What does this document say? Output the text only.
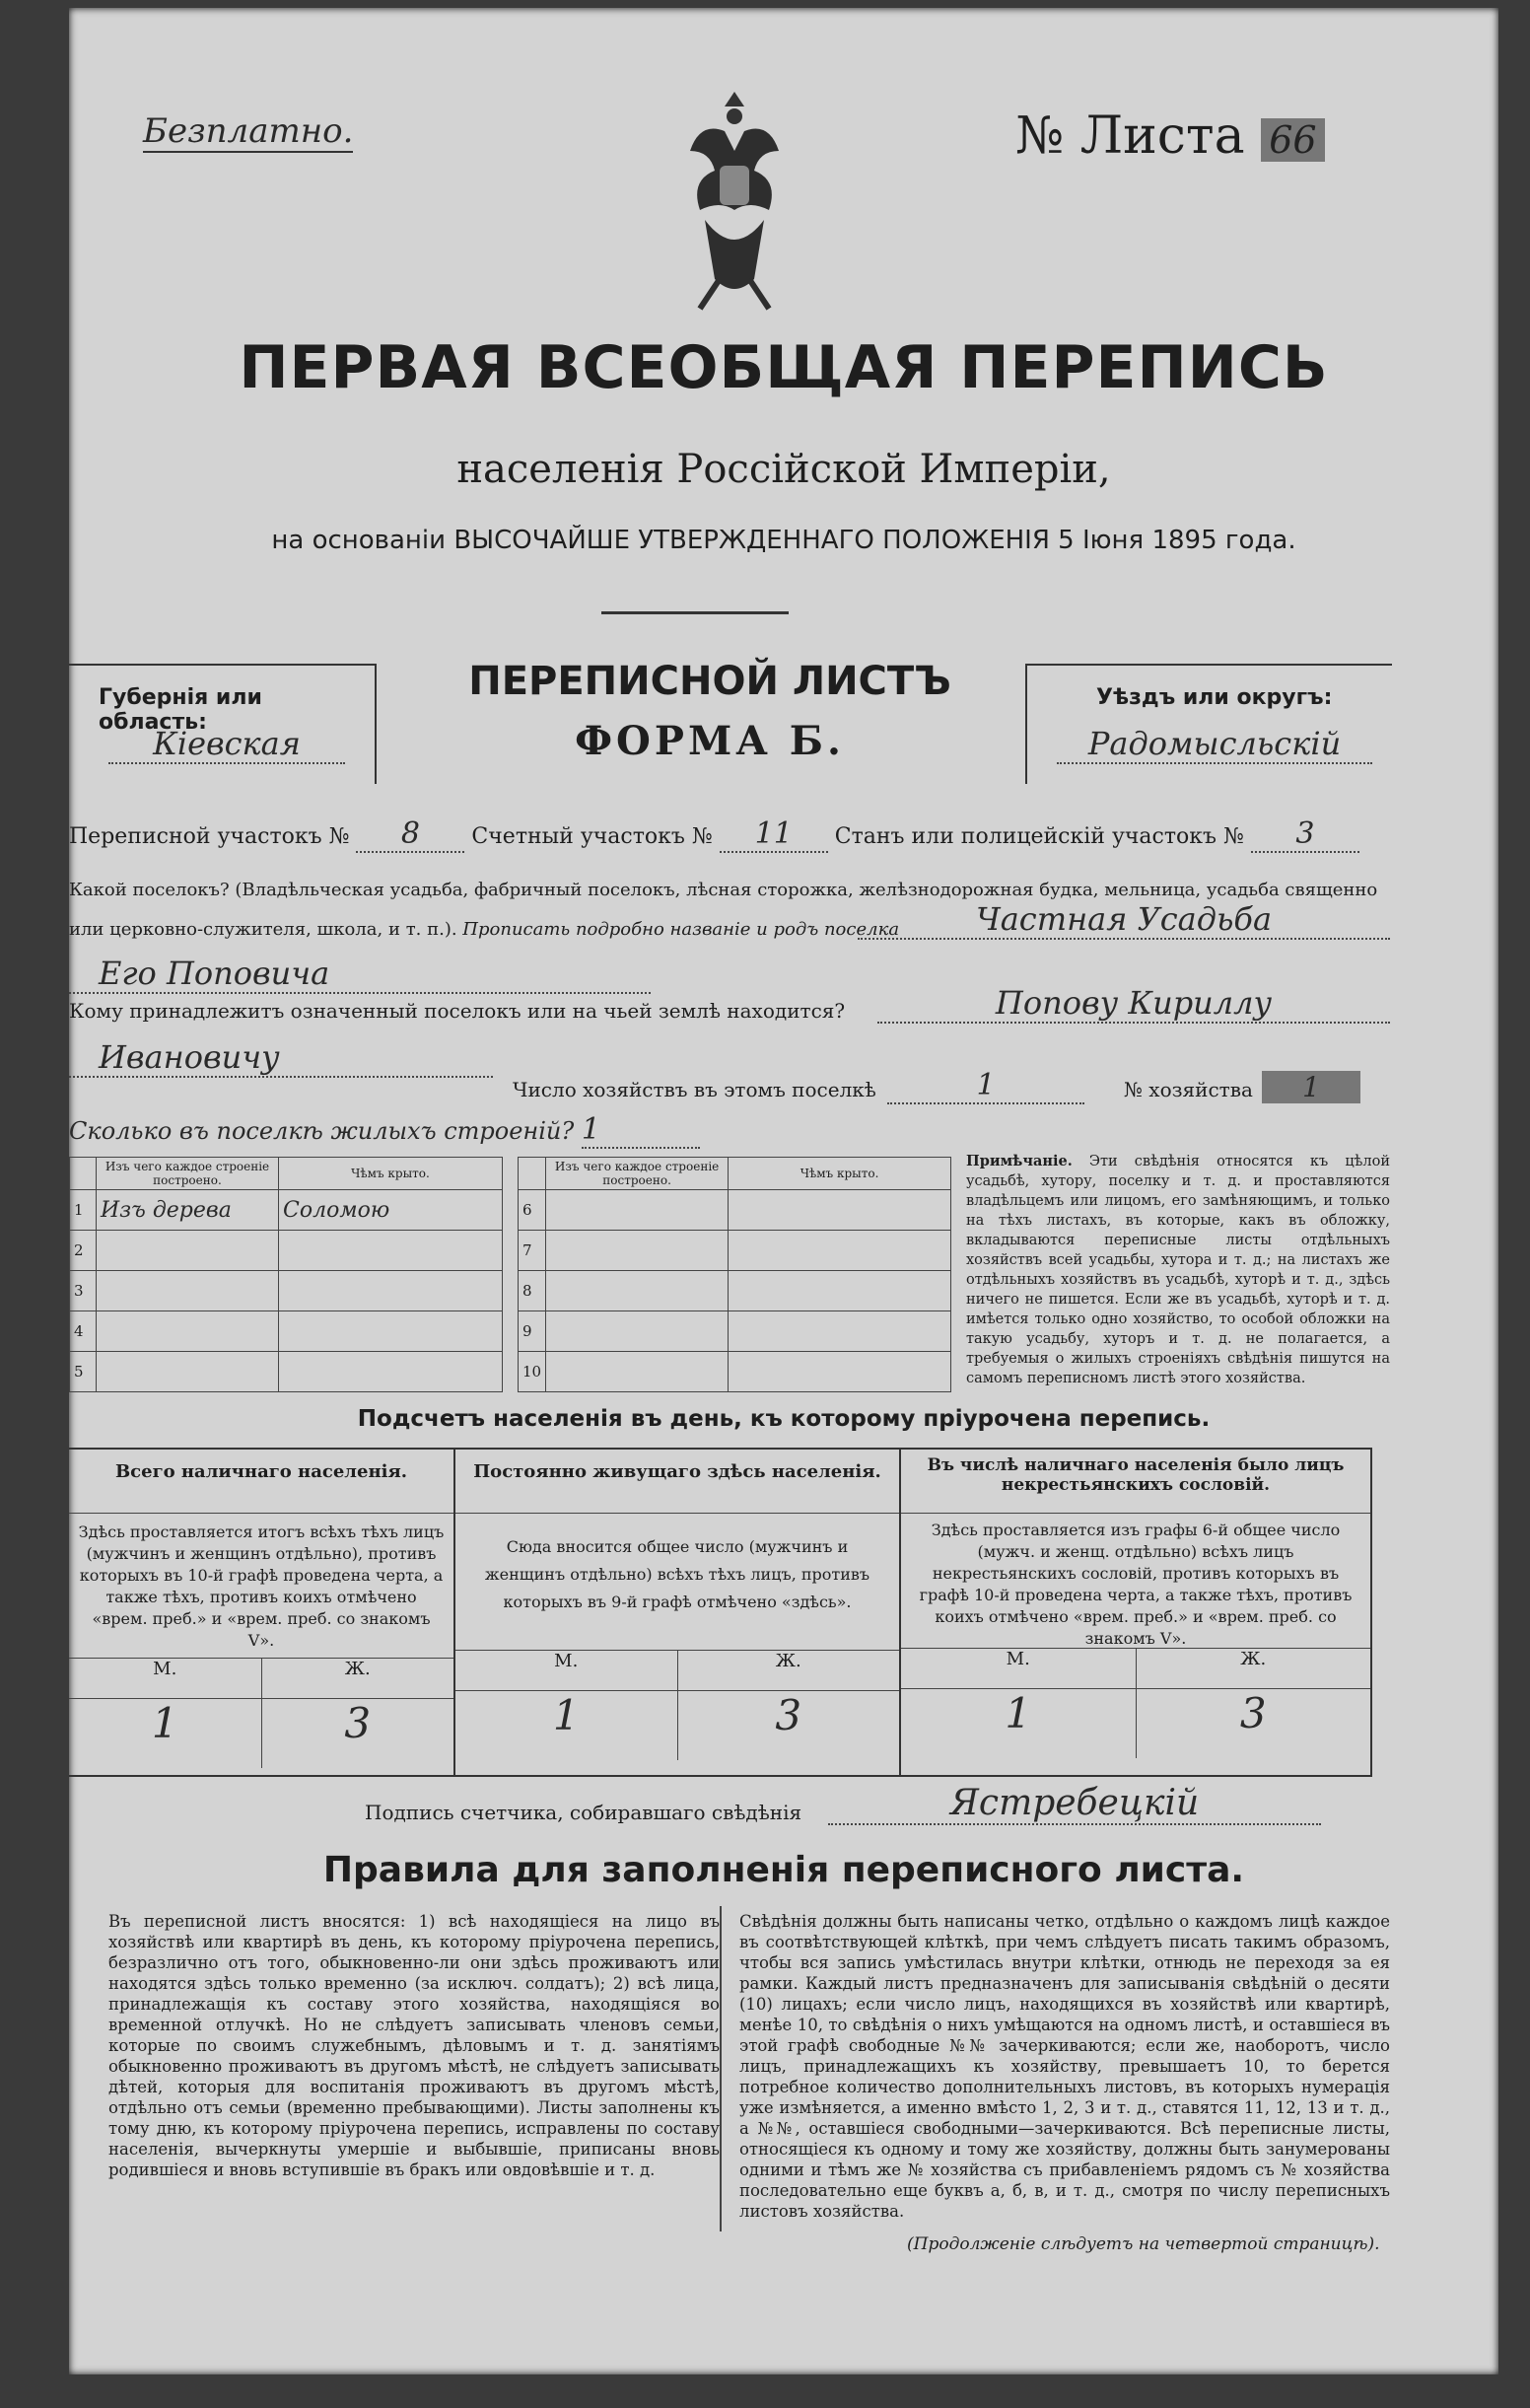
Безплатно.	№ Листа 66
ПЕРВАЯ ВСЕОБЩАЯ ПЕРЕПИСЬ
населенія Россійской Имперіи,
на основаніи ВЫСОЧАЙШЕ УТВЕРЖДЕННАГО ПОЛОЖЕНІЯ 5 Іюня 1895 года.
Губернія или область:
Кіевская
ПЕРЕПИСНОЙ ЛИСТЪ
ФОРМА Б.
Уѣздъ или округъ:
Радомысльскій
Переписной участокъ № 8 Счетный участокъ № 11 Станъ или полицейскій участокъ № 3
Какой поселокъ? (Владѣльческая усадьба, фабричный поселокъ, лѣсная сторожка, желѣзнодорожная будка, мельница, усадьба священно или церковно-служителя, школа, и т. п.). Прописать подробно названіе и родъ поселка	Частная Усадьба
Его Поповича
Кому принадлежитъ означенный поселокъ или на чьей землѣ находится?	Попову Кириллу
Ивановичу
Число хозяйствъ въ этомъ поселкѣ	1	№ хозяйства	1
Сколько въ поселкѣ жилыхъ строеній? 1
	Изъ чего каждое строеніе построено.	Чѣмъ крыто.
1	Изъ дерева	Соломою
2		
3		
4		
5		
	Изъ чего каждое строеніе построено.	Чѣмъ крыто.
6		
7		
8		
9		
10		
Примѣчаніе. Эти свѣдѣнія относятся къ цѣлой усадьбѣ, хутору, поселку и т. д. и проставляются владѣльцемъ или лицомъ, его замѣняющимъ, и только на тѣхъ листахъ, въ которые, какъ въ обложку, вкладываются переписные листы отдѣльныхъ хозяйствъ всей усадьбы, хутора и т. д.; на листахъ же отдѣльныхъ хозяйствъ въ усадьбѣ, хуторѣ и т. д., здѣсь ничего не пишется. Если же въ усадьбѣ, хуторѣ и т. д. имѣется только одно хозяйство, то особой обложки на такую усадьбу, хуторъ и т. д. не полагается, а требуемыя о жилыхъ строеніяхъ свѣдѣнія пишутся на самомъ переписномъ листѣ этого хозяйства.
Подсчетъ населенія въ день, къ которому пріурочена перепись.
Всего наличнаго населенія.
Здѣсь проставляется итогъ всѣхъ тѣхъ лицъ (мужчинъ и женщинъ отдѣльно), противъ которыхъ въ 10-й графѣ проведена черта, а также тѣхъ, противъ коихъ отмѣчено «врем. преб.» и «врем. преб. со знакомъ V».
М.	Ж.
1	3
Постоянно живущаго здѣсь населенія.
Сюда вносится общее число (мужчинъ и женщинъ отдѣльно) всѣхъ тѣхъ лицъ, противъ которыхъ въ 9-й графѣ отмѣчено «здѣсь».
М.	Ж.
1	3
Въ числѣ наличнаго населенія было лицъ некрестьянскихъ сословій.
Здѣсь проставляется изъ графы 6-й общее число (мужч. и женщ. отдѣльно) всѣхъ лицъ некрестьянскихъ сословій, противъ которыхъ въ графѣ 10-й проведена черта, а также тѣхъ, противъ коихъ отмѣчено «врем. преб.» и «врем. преб. со знакомъ V».
М.	Ж.
1	3
Подпись счетчика, собиравшаго свѣдѣнія	Ястребецкій
Правила для заполненія переписного листа.
Въ переписной листъ вносятся: 1) всѣ находящіеся на лицо въ хозяйствѣ или квартирѣ въ день, къ которому пріурочена перепись, безразлично отъ того, обыкновенно-ли они здѣсь проживаютъ или находятся здѣсь только временно (за исключ. солдатъ); 2) всѣ лица, принадлежащія къ составу этого хозяйства, находящіяся во временной отлучкѣ. Но не слѣдуетъ записывать членовъ семьи, которые по своимъ служебнымъ, дѣловымъ и т. д. занятіямъ обыкновенно проживаютъ въ другомъ мѣстѣ, не слѣдуетъ записывать дѣтей, которыя для воспитанія проживаютъ въ другомъ мѣстѣ, отдѣльно отъ семьи (временно пребывающими). Листы заполнены къ тому дню, къ которому пріурочена перепись, исправлены по составу населенія, вычеркнуты умершіе и выбывшіе, приписаны вновь родившіеся и вновь вступившіе въ бракъ или овдовѣвшіе и т. д.
Свѣдѣнія должны быть написаны четко, отдѣльно о каждомъ лицѣ каждое въ соотвѣтствующей клѣткѣ, при чемъ слѣдуетъ писать такимъ образомъ, чтобы вся запись умѣстилась внутри клѣтки, отнюдь не переходя за ея рамки. Каждый листъ предназначенъ для записыванія свѣдѣній о десяти (10) лицахъ; если число лицъ, находящихся въ хозяйствѣ или квартирѣ, менѣе 10, то свѣдѣнія о нихъ умѣщаются на одномъ листѣ, и оставшіеся въ этой графѣ свободные №№ зачеркиваются; если же, наоборотъ, число лицъ, принадлежащихъ къ хозяйству, превышаетъ 10, то берется потребное количество дополнительныхъ листовъ, въ которыхъ нумерація уже измѣняется, а именно вмѣсто 1, 2, 3 и т. д., ставятся 11, 12, 13 и т. д., а №№, оставшіеся свободными—зачеркиваются. Всѣ переписные листы, относящіеся къ одному и тому же хозяйству, должны быть занумерованы одними и тѣмъ же № хозяйства съ прибавленіемъ рядомъ съ № хозяйства последовательно еще буквъ а, б, в, и т. д., смотря по числу переписныхъ листовъ хозяйства.
(Продолженіе слѣдуетъ на четвертой страницѣ).
